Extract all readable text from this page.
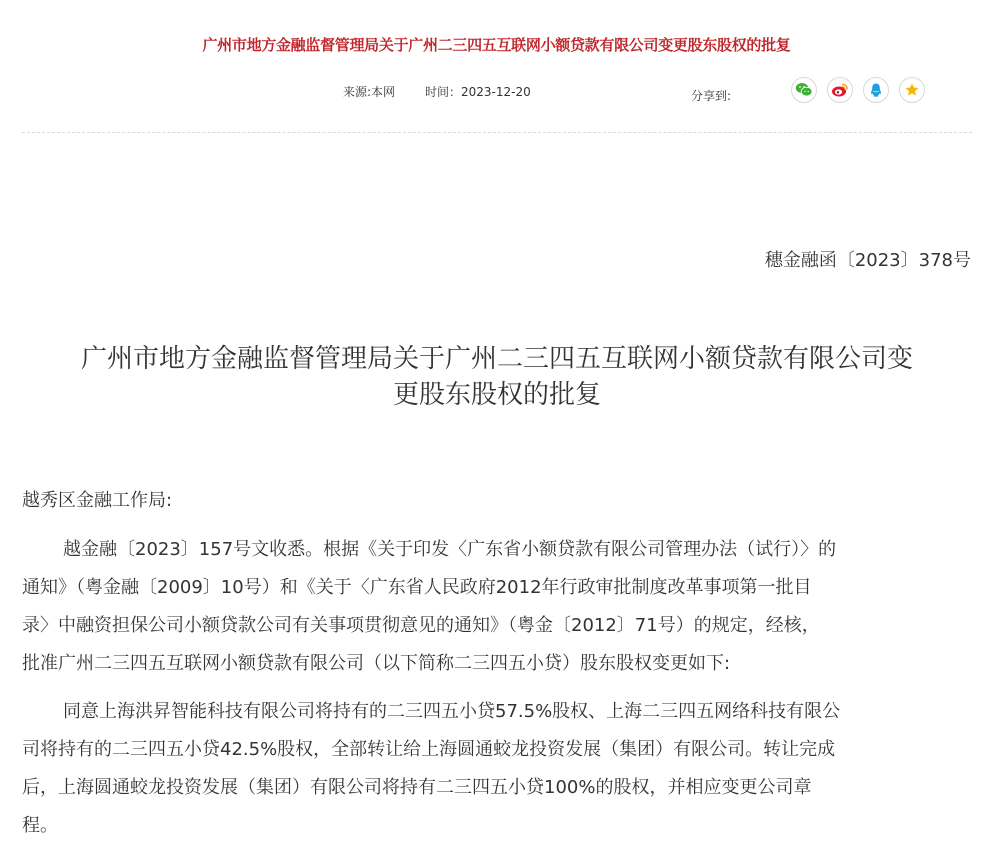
广州市地方金融监督管理局关于广州二三四五互联网小额贷款有限公司变更股东股权的批复
来源:本网 时间：2023-12-20	分享到:
穗金融函〔2023〕378号
广州市地方金融监督管理局关于广州二三四五互联网小额贷款有限公司变
更股东股权的批复
越秀区金融工作局:
越金融〔2023〕157号文收悉。根据《关于印发〈广东省小额贷款有限公司管理办法（试行）〉的
通知》（粤金融〔2009〕10号）和《关于〈广东省人民政府2012年行政审批制度改革事项第一批目
录〉中融资担保公司小额贷款公司有关事项贯彻意见的通知》（粤金〔2012〕71号）的规定，经核，
批准广州二三四五互联网小额贷款有限公司（以下简称二三四五小贷）股东股权变更如下:
同意上海洪昇智能科技有限公司将持有的二三四五小贷57.5%股权、上海二三四五网络科技有限公
司将持有的二三四五小贷42.5%股权，全部转让给上海圆通蛟龙投资发展（集团）有限公司。转让完成
后，上海圆通蛟龙投资发展（集团）有限公司将持有二三四五小贷100%的股权，并相应变更公司章
程。
